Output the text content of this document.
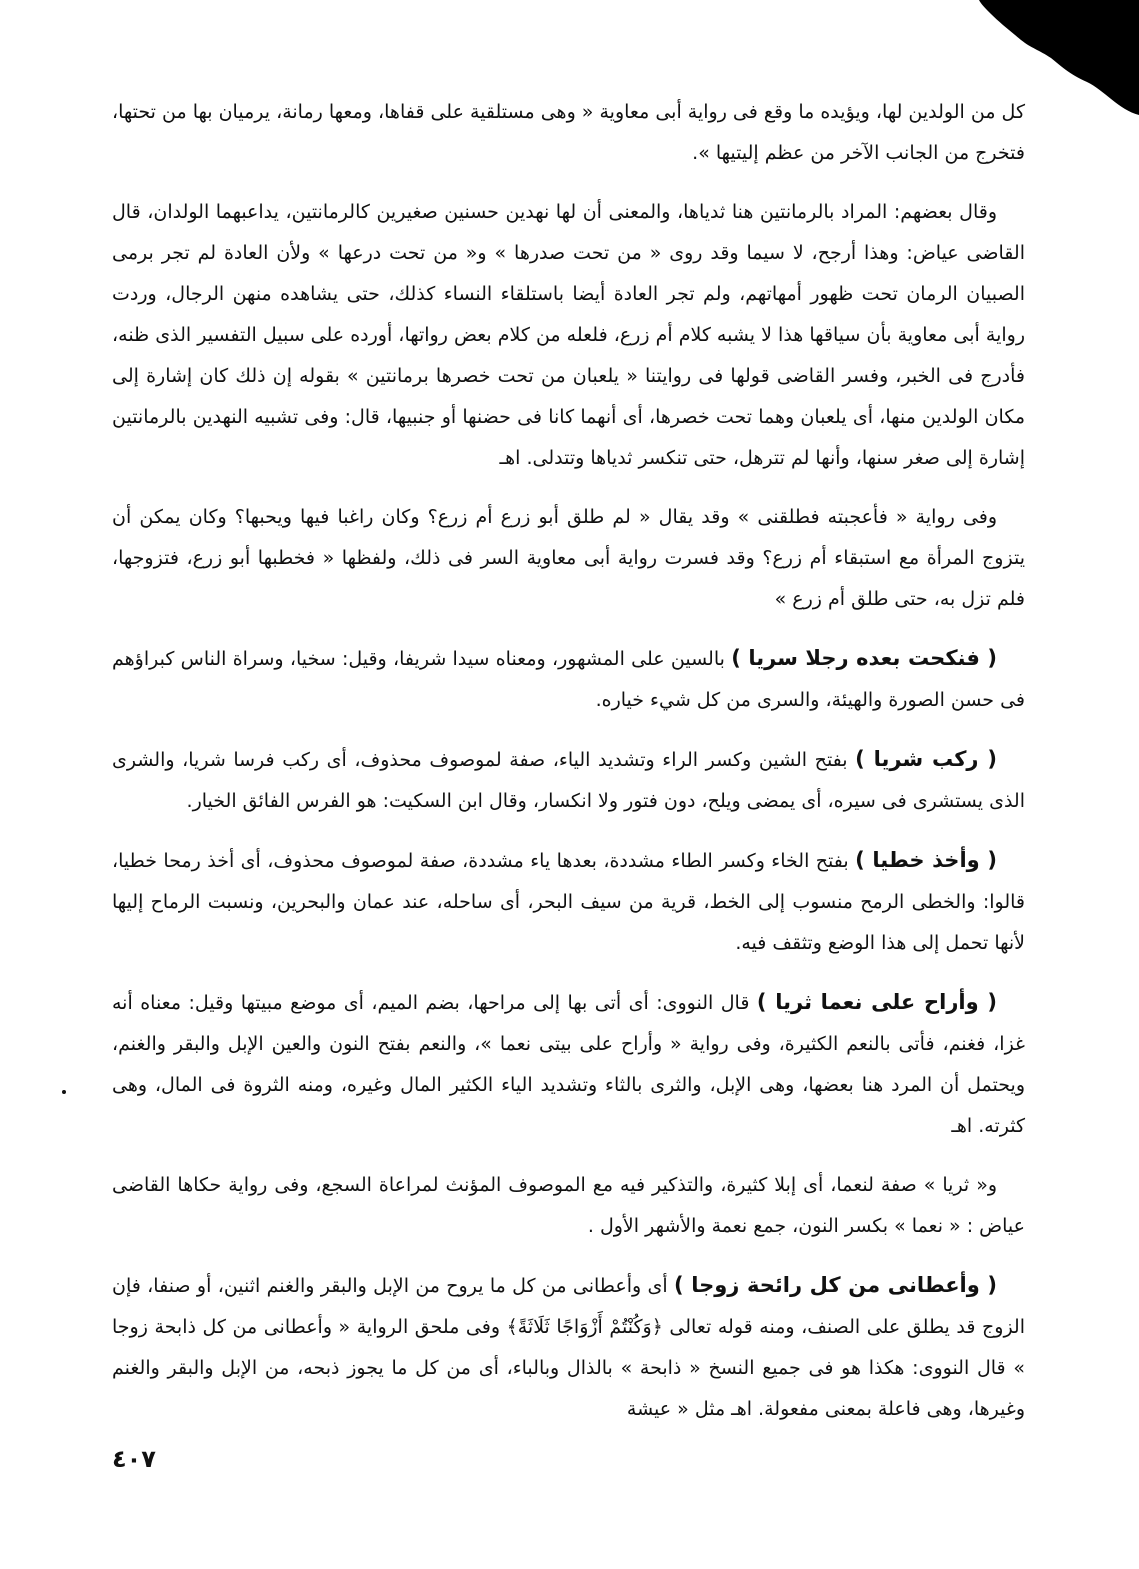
كل من الولدين لها، ويؤيده ما وقع فى رواية أبى معاوية « وهى مستلقية على قفاها، ومعها رمانة، يرميان بها من تحتها، فتخرج من الجانب الآخر من عظم إليتيها ».

وقال بعضهم: المراد بالرمانتين هنا ثدياها، والمعنى أن لها نهدين حسنين صغيرين كالرمانتين، يداعبهما الولدان، قال القاضى عياض: وهذا أرجح، لا سيما وقد روى « من تحت صدرها » و« من تحت درعها » ولأن العادة لم تجر برمى الصبيان الرمان تحت ظهور أمهاتهم، ولم تجر العادة أيضا باستلقاء النساء كذلك، حتى يشاهده منهن الرجال، وردت رواية أبى معاوية بأن سياقها هذا لا يشبه كلام أم زرع، فلعله من كلام بعض رواتها، أورده على سبيل التفسير الذى ظنه، فأدرج فى الخبر، وفسر القاضى قولها فى روايتنا « يلعبان من تحت خصرها برمانتين » بقوله إن ذلك كان إشارة إلى مكان الولدين منها، أى يلعبان وهما تحت خصرها، أى أنهما كانا فى حضنها أو جنبيها، قال: وفى تشبيه النهدين بالرمانتين إشارة إلى صغر سنها، وأنها لم تترهل، حتى تنكسر ثدياها وتتدلى. اهـ

وفى رواية « فأعجبته فطلقنى » وقد يقال « لم طلق أبو زرع أم زرع؟ وكان راغبا فيها ويحبها؟ وكان يمكن أن يتزوج المرأة مع استبقاء أم زرع؟ وقد فسرت رواية أبى معاوية السر فى ذلك، ولفظها « فخطبها أبو زرع، فتزوجها، فلم تزل به، حتى طلق أم زرع »

( فنكحت بعده رجلا سريا ) بالسين على المشهور، ومعناه سيدا شريفا، وقيل: سخيا، وسراة الناس كبراؤهم فى حسن الصورة والهيئة، والسرى من كل شيء خياره.

( ركب شريا ) بفتح الشين وكسر الراء وتشديد الياء، صفة لموصوف محذوف، أى ركب فرسا شريا، والشرى الذى يستشرى فى سيره، أى يمضى ويلح، دون فتور ولا انكسار، وقال ابن السكيت: هو الفرس الفائق الخيار.

( وأخذ خطيا ) بفتح الخاء وكسر الطاء مشددة، بعدها ياء مشددة، صفة لموصوف محذوف، أى أخذ رمحا خطيا، قالوا: والخطى الرمح منسوب إلى الخط، قرية من سيف البحر، أى ساحله، عند عمان والبحرين، ونسبت الرماح إليها لأنها تحمل إلى هذا الوضع وتثقف فيه.

( وأراح على نعما ثريا ) قال النووى: أى أتى بها إلى مراحها، بضم الميم، أى موضع مبيتها وقيل: معناه أنه غزا، فغنم، فأتى بالنعم الكثيرة، وفى رواية « وأراح على بيتى نعما »، والنعم بفتح النون والعين الإبل والبقر والغنم، ويحتمل أن المرد هنا بعضها، وهى الإبل، والثرى بالثاء وتشديد الياء الكثير المال وغيره، ومنه الثروة فى المال، وهى كثرته. اهـ

و« ثريا » صفة لنعما، أى إبلا كثيرة، والتذكير فيه مع الموصوف المؤنث لمراعاة السجع، وفى رواية حكاها القاضى عياض : « نعما » بكسر النون، جمع نعمة والأشهر الأول .

( وأعطانى من كل رائحة زوجا ) أى وأعطانى من كل ما يروح من الإبل والبقر والغنم اثنين، أو صنفا، فإن الزوج قد يطلق على الصنف، ومنه قوله تعالى ﴿وَكُنْتُمْ أَزْوَاجًا ثَلَاثَةً﴾ وفى ملحق الرواية « وأعطانى من كل ذابحة زوجا » قال النووى: هكذا هو فى جميع النسخ « ذابحة » بالذال وبالباء، أى من كل ما يجوز ذبحه، من الإبل والبقر والغنم وغيرها، وهى فاعلة بمعنى مفعولة. اهـ مثل « عيشة

٤٠٧
